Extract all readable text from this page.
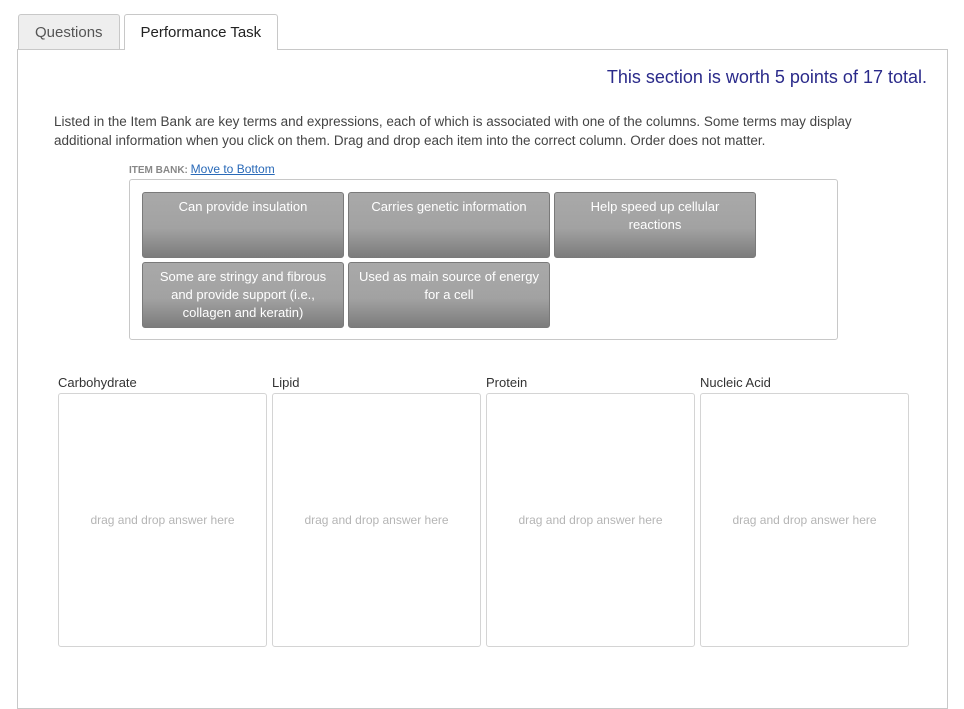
Questions	Performance Task
This section is worth 5 points of 17 total.
Listed in the Item Bank are key terms and expressions, each of which is associated with one of the columns. Some terms may display additional information when you click on them. Drag and drop each item into the correct column. Order does not matter.
ITEM BANK: Move to Bottom
Can provide insulation	Carries genetic information	Help speed up cellular reactions
Some are stringy and fibrous and provide support (i.e., collagen and keratin)
Used as main source of energy for a cell
Carbohydrate
drag and drop answer here
Lipid
drag and drop answer here
Protein
drag and drop answer here
Nucleic Acid
drag and drop answer here
